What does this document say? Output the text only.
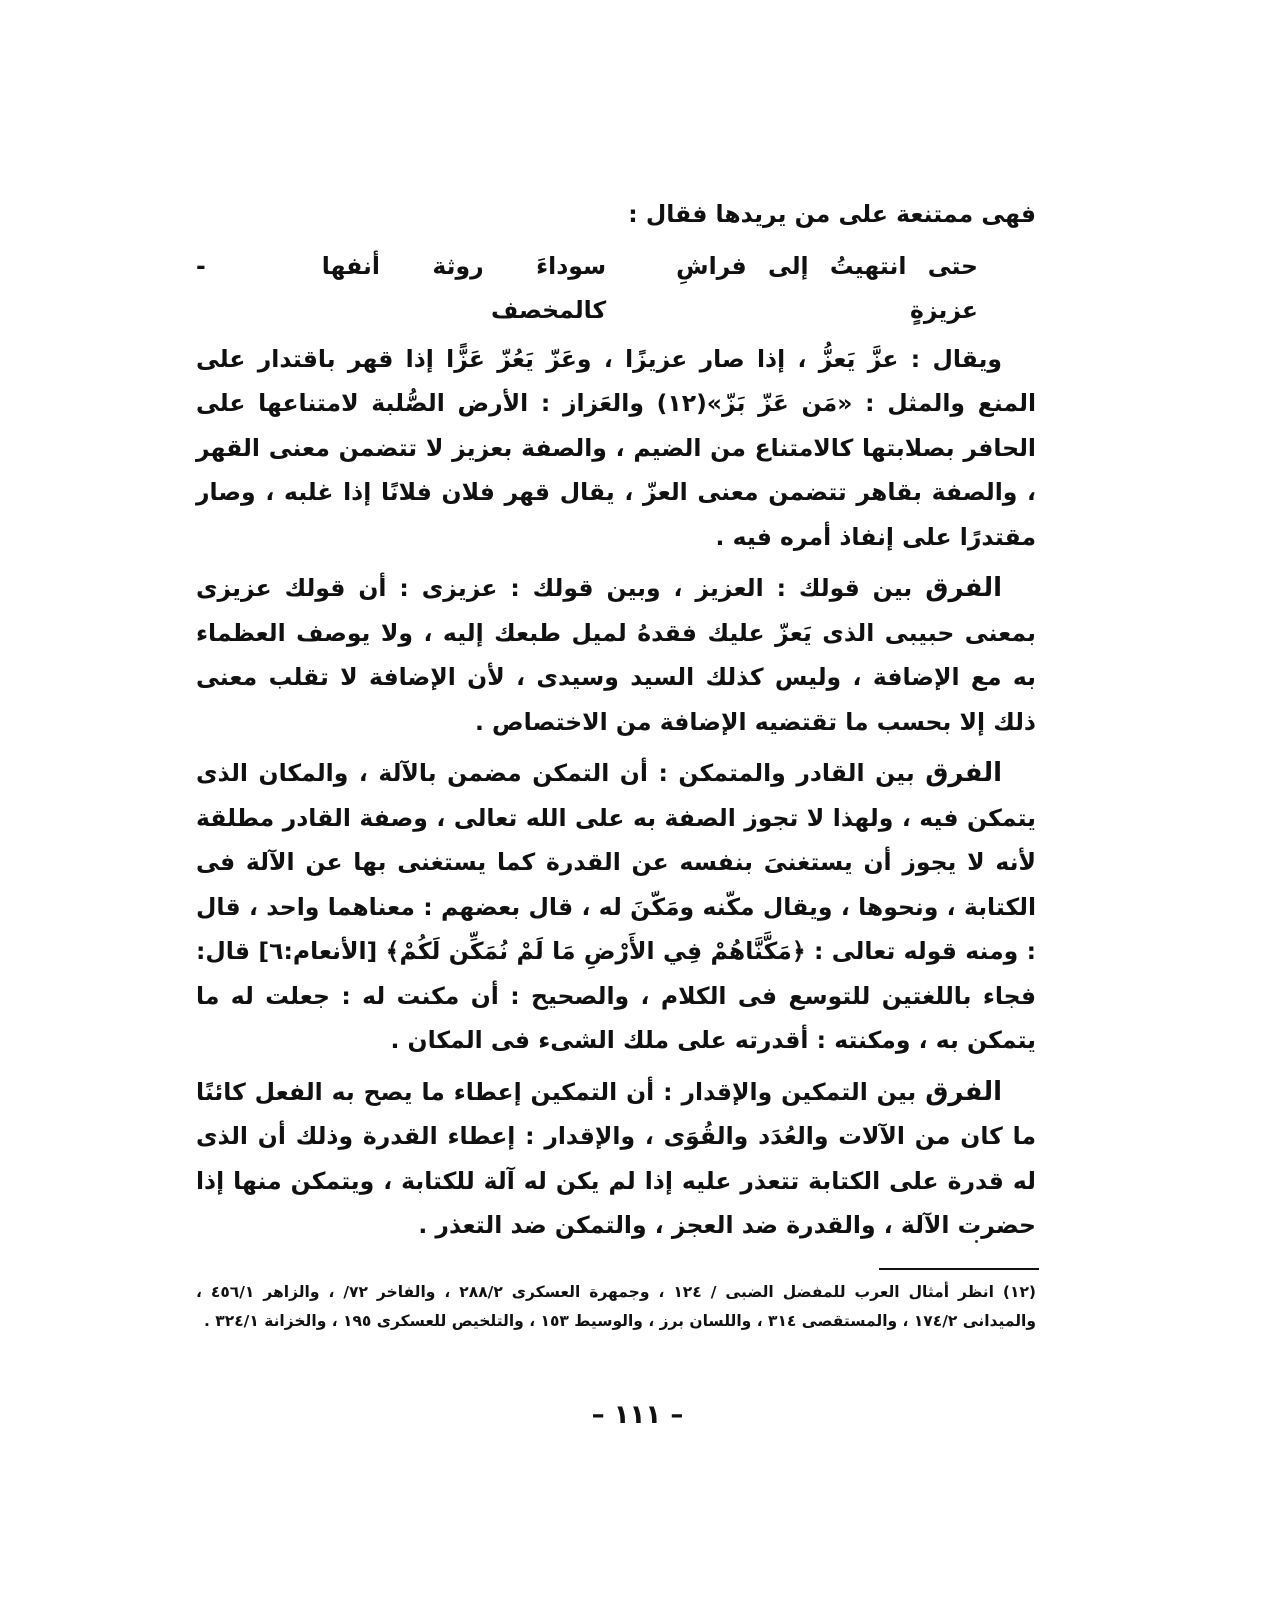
فهى ممتنعة على من يريدها فقال :

حتى انتهيتُ إلى فراشِ عزيزةٍ
سوداءَ روثة أنفها كالمخصف
-

ويقال : عزَّ يَعزُّ ، إذا صار عزيزًا ، وعَزّ يَعُزّ عَزًّا إذا قهر باقتدار على المنع والمثل : «مَن عَزّ بَزّ»(١٢) والعَزاز : الأرض الصُّلبة لامتناعها على الحافر بصلابتها كالامتناع من الضيم ، والصفة بعزيز لا تتضمن معنى القهر ، والصفة بقاهر تتضمن معنى العزّ ، يقال قهر فلان فلانًا إذا غلبه ، وصار مقتدرًا على إنفاذ أمره فيه .

الفرق بين قولك : العزيز ، وبين قولك : عزيزى : أن قولك عزيزى بمعنى حبيبى الذى يَعزّ عليك فقدهُ لميل طبعك إليه ، ولا يوصف العظماء به مع الإضافة ، وليس كذلك السيد وسيدى ، لأن الإضافة لا تقلب معنى ذلك إلا بحسب ما تقتضيه الإضافة من الاختصاص .

الفرق بين القادر والمتمكن : أن التمكن مضمن بالآلة ، والمكان الذى يتمكن فيه ، ولهذا لا تجوز الصفة به على الله تعالى ، وصفة القادر مطلقة لأنه لا يجوز أن يستغنىَ بنفسه عن القدرة كما يستغنى بها عن الآلة فى الكتابة ، ونحوها ، ويقال مكّنه ومَكّنَ له ، قال بعضهم : معناهما واحد ، قال : ومنه قوله تعالى : ﴿مَكَّنَّاهُمْ فِي الأَرْضِ مَا لَمْ نُمَكِّن لَكُمْ﴾ [الأنعام:٦] قال: فجاء باللغتين للتوسع فى الكلام ، والصحيح : أن مكنت له : جعلت له ما يتمكن به ، ومكنته : أقدرته على ملك الشىء فى المكان .

الفرق بين التمكين والإقدار : أن التمكين إعطاء ما يصح به الفعل كائنًا ما كان من الآلات والعُدَد والقُوَى ، والإقدار : إعطاء القدرة وذلك أن الذى له قدرة على الكتابة تتعذر عليه إذا لم يكن له آلة للكتابة ، ويتمكن منها إذا حضرت الآلة ، والقدرة ضد العجز ، والتمكن ضد التعذر .

(١٢) انظر أمثال العرب للمفضل الضبى / ١٢٤ ، وجمهرة العسكرى ٢٨٨/٢ ، والفاخر ٧٢/ ، والزاهر ٤٥٦/١ ، والميدانى ١٧٤/٢ ، والمستقصى ٣١٤ ، واللسان برز ، والوسيط ١٥٣ ، والتلخيص للعسكرى ١٩٥ ، والخزانة ٣٢٤/١ .
– ١١١ –
